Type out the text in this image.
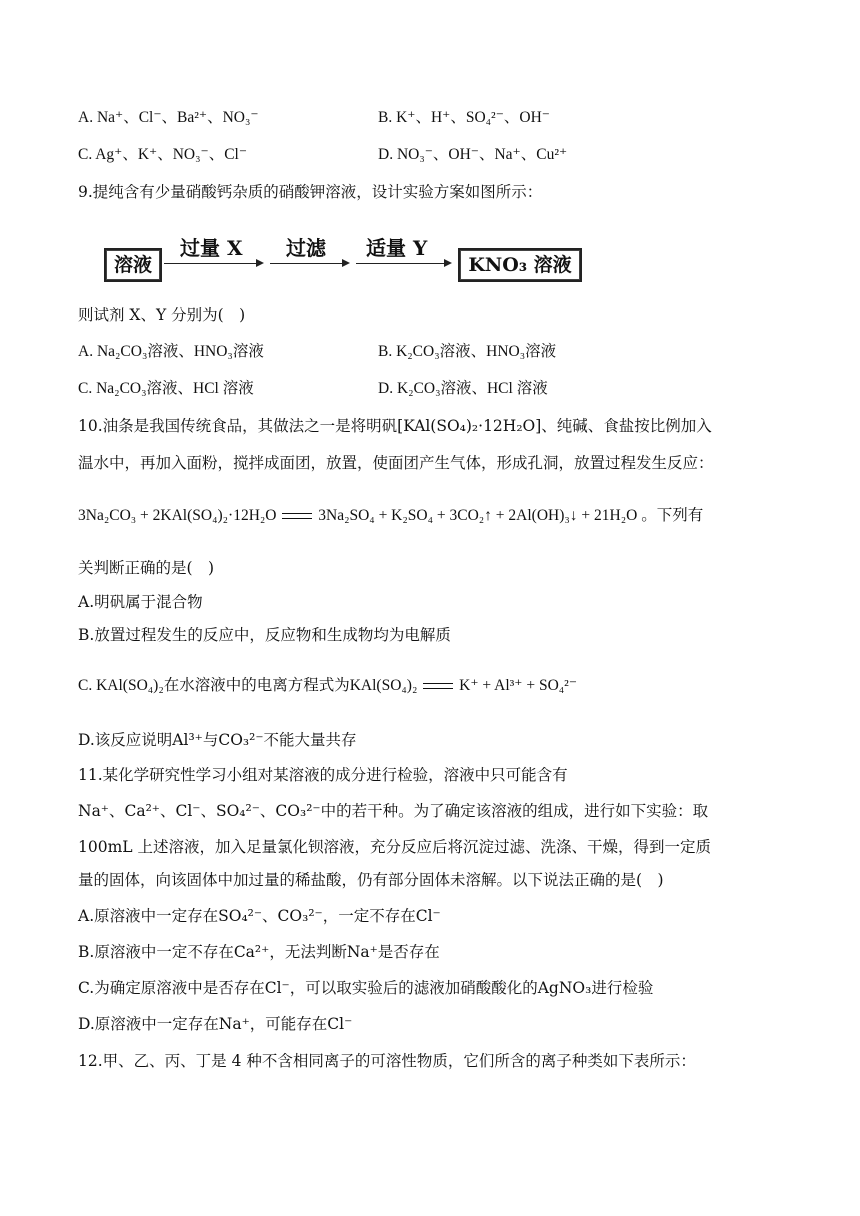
A. Na⁺、Cl⁻、Ba²⁺、NO₃⁻	B. K⁺、H⁺、SO₄²⁻、OH⁻
C. Ag⁺、K⁺、NO₃⁻、Cl⁻	D. NO₃⁻、OH⁻、Na⁺、Cu²⁺
9.提纯含有少量硝酸钙杂质的硝酸钾溶液，设计实验方案如图所示：
溶液
过量 X 过滤 适量 Y
KNO₃ 溶液
则试剂 X、Y 分别为(　)
A. Na₂CO₃溶液、HNO₃溶液	B. K₂CO₃溶液、HNO₃溶液
C. Na₂CO₃溶液、HCl 溶液	D. K₂CO₃溶液、HCl 溶液
10.油条是我国传统食品，其做法之一是将明矾[KAl(SO₄)₂·12H₂O]、纯碱、食盐按比例加入
温水中，再加入面粉，搅拌成面团，放置，使面团产生气体，形成孔洞，放置过程发生反应：
3Na₂CO₃ + 2KAl(SO₄)₂·12H₂O	3Na₂SO₄ + K₂SO₄ + 3CO₂↑ + 2Al(OH)₃↓ + 21H₂O 。下列有
关判断正确的是(　)
A.明矾属于混合物
B.放置过程发生的反应中，反应物和生成物均为电解质
C. KAl(SO₄)₂在水溶液中的电离方程式为KAl(SO₄)₂	K⁺ + Al³⁺ + SO₄²⁻
D.该反应说明Al³⁺与CO₃²⁻不能大量共存
11.某化学研究性学习小组对某溶液的成分进行检验，溶液中只可能含有
Na⁺、Ca²⁺、Cl⁻、SO₄²⁻、CO₃²⁻中的若干种。为了确定该溶液的组成，进行如下实验：取
100mL 上述溶液，加入足量氯化钡溶液，充分反应后将沉淀过滤、洗涤、干燥，得到一定质
量的固体，向该固体中加过量的稀盐酸，仍有部分固体未溶解。以下说法正确的是(　)
A.原溶液中一定存在SO₄²⁻、CO₃²⁻，一定不存在Cl⁻
B.原溶液中一定不存在Ca²⁺，无法判断Na⁺是否存在
C.为确定原溶液中是否存在Cl⁻，可以取实验后的滤液加硝酸酸化的AgNO₃进行检验
D.原溶液中一定存在Na⁺，可能存在Cl⁻
12.甲、乙、丙、丁是 4 种不含相同离子的可溶性物质，它们所含的离子种类如下表所示：
